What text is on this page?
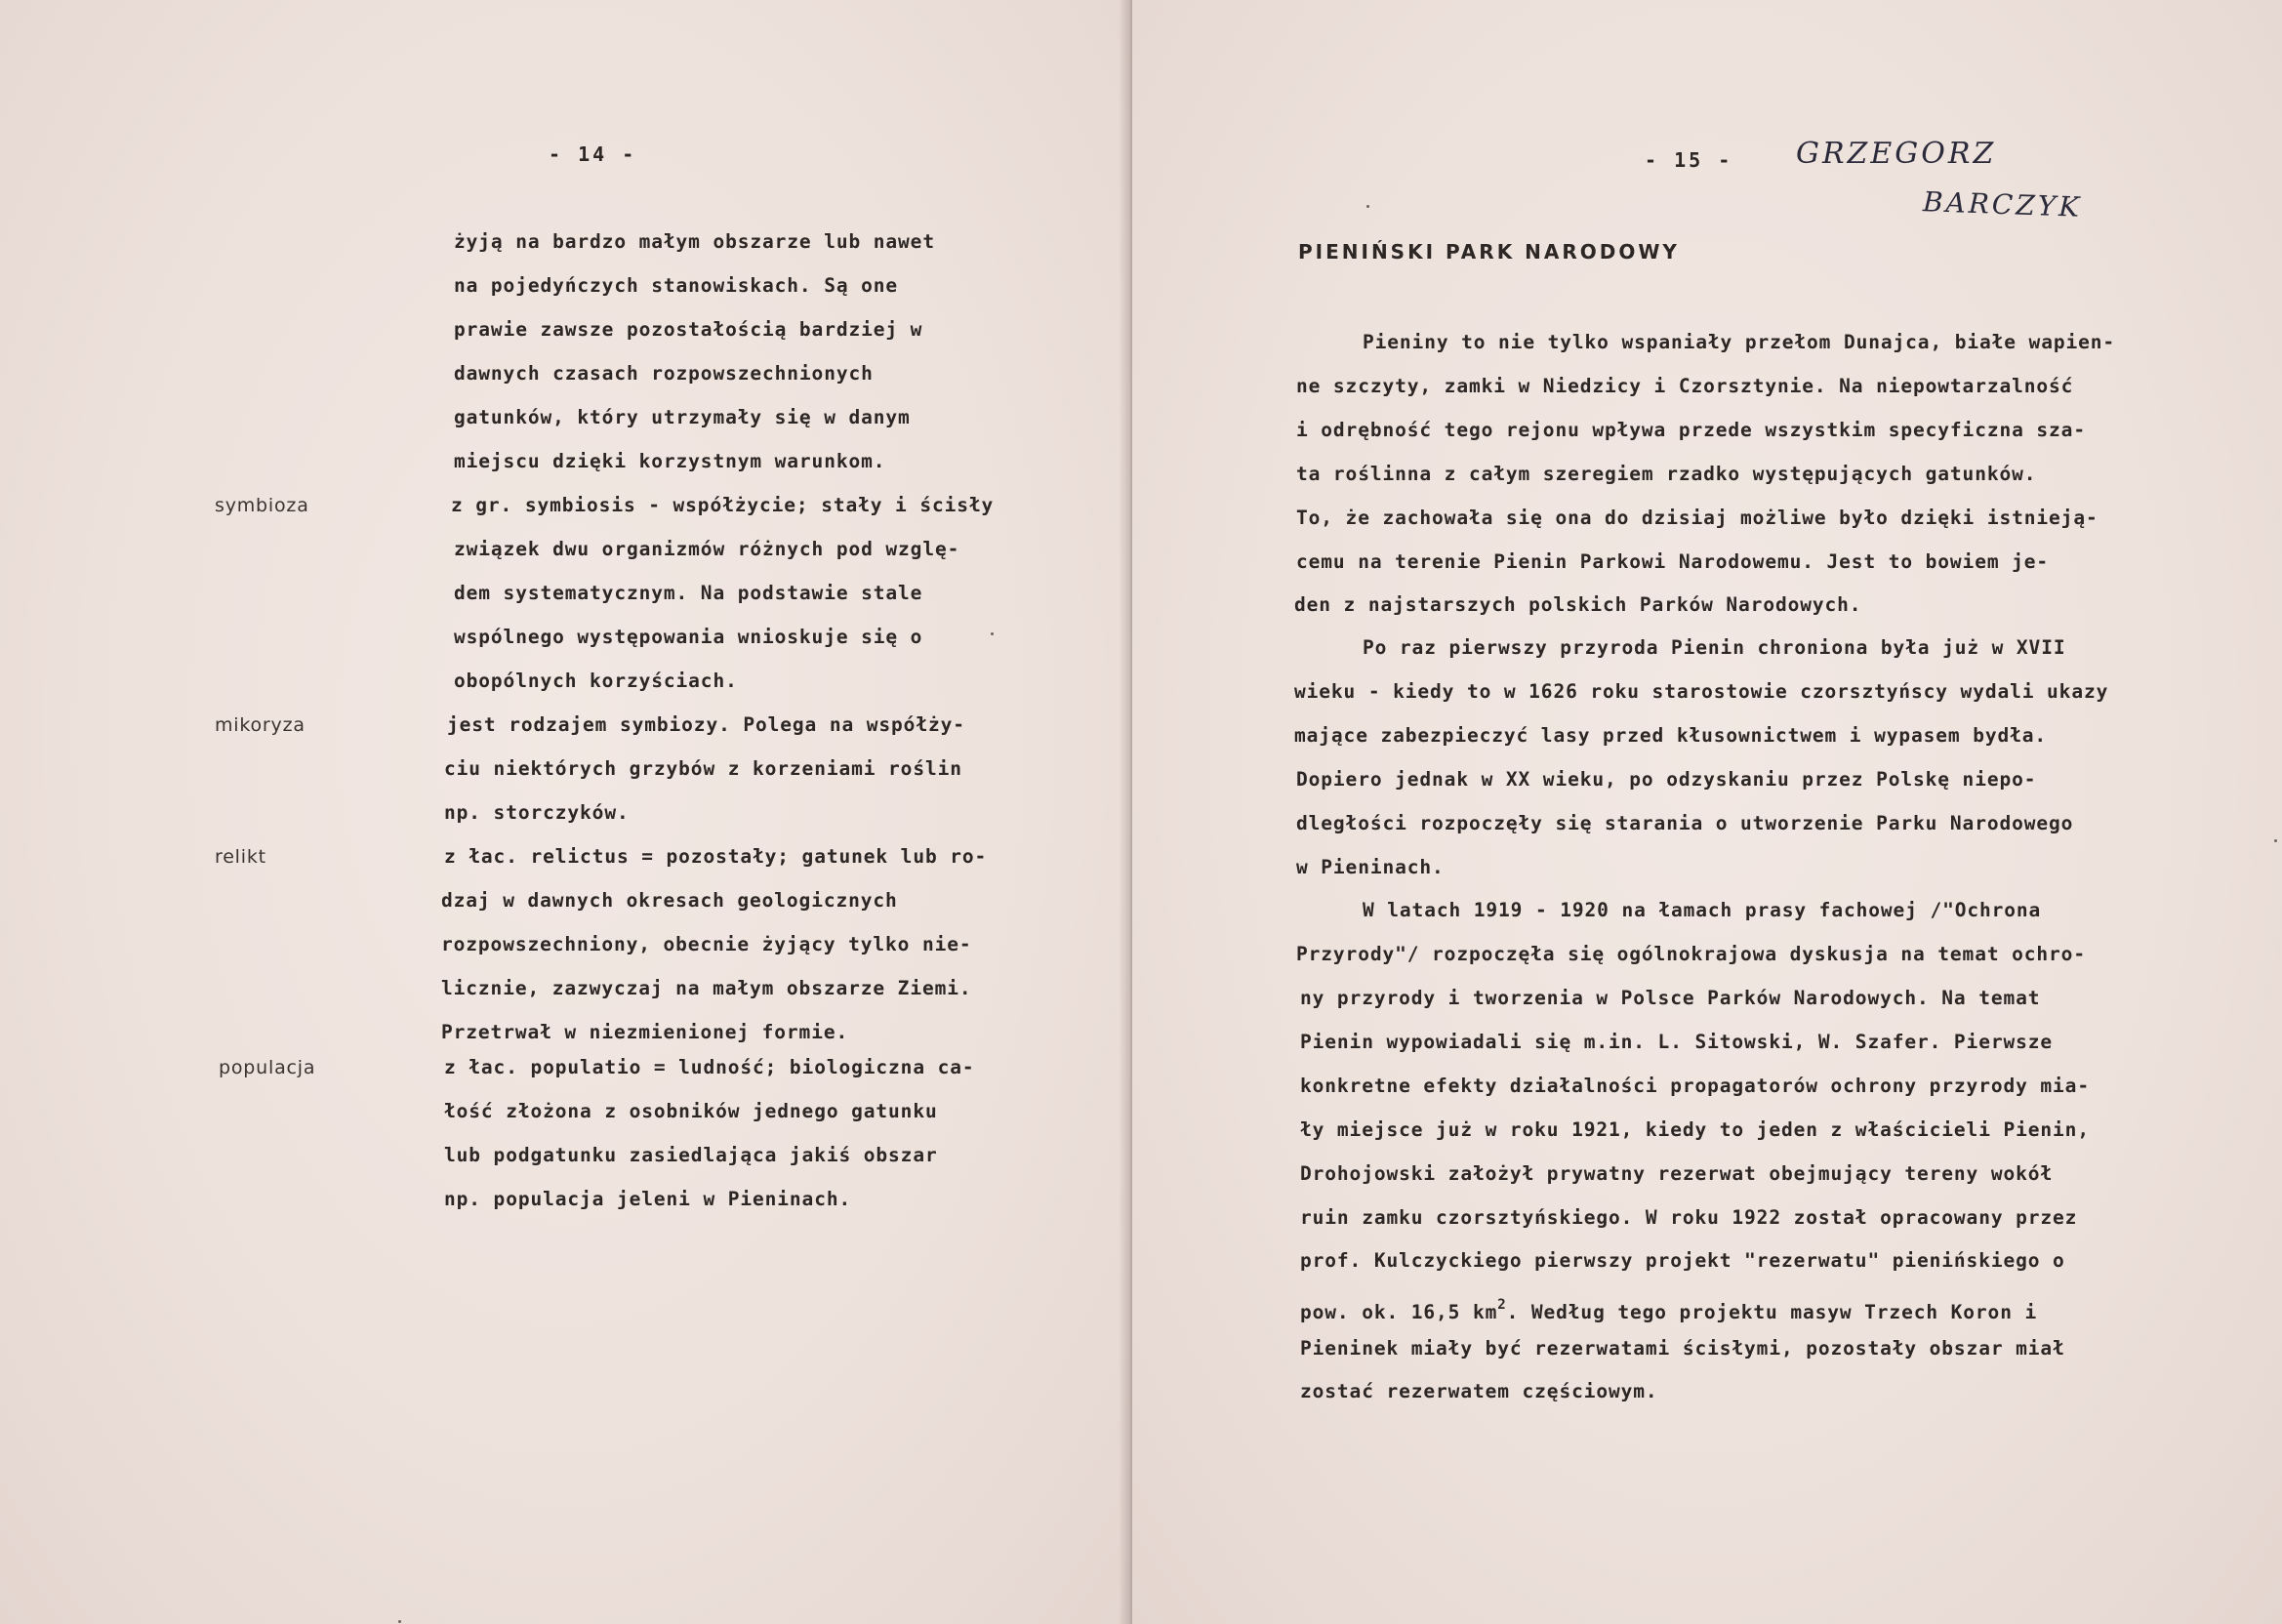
- 14 -
żyją na bardzo małym obszarze lub nawet
na pojedyńczych stanowiskach. Są one
prawie zawsze pozostałością bardziej w
dawnych czasach rozpowszechnionych
gatunków, który utrzymały się w danym
miejscu dzięki korzystnym warunkom.
symbioza	z gr. symbiosis - współżycie; stały i ścisły
związek dwu organizmów różnych pod wzglę-
dem systematycznym. Na podstawie stale
wspólnego występowania wnioskuje się o
obopólnych korzyściach.
mikoryza	jest rodzajem symbiozy. Polega na współży-
ciu niektórych grzybów z korzeniami roślin
np. storczyków.
relikt	z łac. relictus = pozostały; gatunek lub ro-
dzaj w dawnych okresach geologicznych
rozpowszechniony, obecnie żyjący tylko nie-
licznie, zazwyczaj na małym obszarze Ziemi.
Przetrwał w niezmienionej formie.
populacja	z łac. populatio = ludność; biologiczna ca-
łość złożona z osobników jednego gatunku
lub podgatunku zasiedlająca jakiś obszar
np. populacja jeleni w Pieninach.
- 15 - GRZEGORZ
BARCZYK
PIENIŃSKI PARK NARODOWY
Pieniny to nie tylko wspaniały przełom Dunajca, białe wapien-
ne szczyty, zamki w Niedzicy i Czorsztynie. Na niepowtarzalność
i odrębność tego rejonu wpływa przede wszystkim specyficzna sza-
ta roślinna z całym szeregiem rzadko występujących gatunków.
To, że zachowała się ona do dzisiaj możliwe było dzięki istnieją-
cemu na terenie Pienin Parkowi Narodowemu. Jest to bowiem je-
den z najstarszych polskich Parków Narodowych.
Po raz pierwszy przyroda Pienin chroniona była już w XVII
wieku - kiedy to w 1626 roku starostowie czorsztyńscy wydali ukazy
mające zabezpieczyć lasy przed kłusownictwem i wypasem bydła.
Dopiero jednak w XX wieku, po odzyskaniu przez Polskę niepo-
dległości rozpoczęły się starania o utworzenie Parku Narodowego
w Pieninach.
W latach 1919 - 1920 na łamach prasy fachowej /"Ochrona
Przyrody"/ rozpoczęła się ogólnokrajowa dyskusja na temat ochro-
ny przyrody i tworzenia w Polsce Parków Narodowych. Na temat
Pienin wypowiadali się m.in. L. Sitowski, W. Szafer. Pierwsze
konkretne efekty działalności propagatorów ochrony przyrody mia-
ły miejsce już w roku 1921, kiedy to jeden z właścicieli Pienin,
Drohojowski założył prywatny rezerwat obejmujący tereny wokół
ruin zamku czorsztyńskiego. W roku 1922 został opracowany przez
prof. Kulczyckiego pierwszy projekt "rezerwatu" pienińskiego o
pow. ok. 16,5 $km^2$. Według tego projektu masyw Trzech Koron i
Pieninek miały być rezerwatami ścisłymi, pozostały obszar miał
zostać rezerwatem częściowym.
